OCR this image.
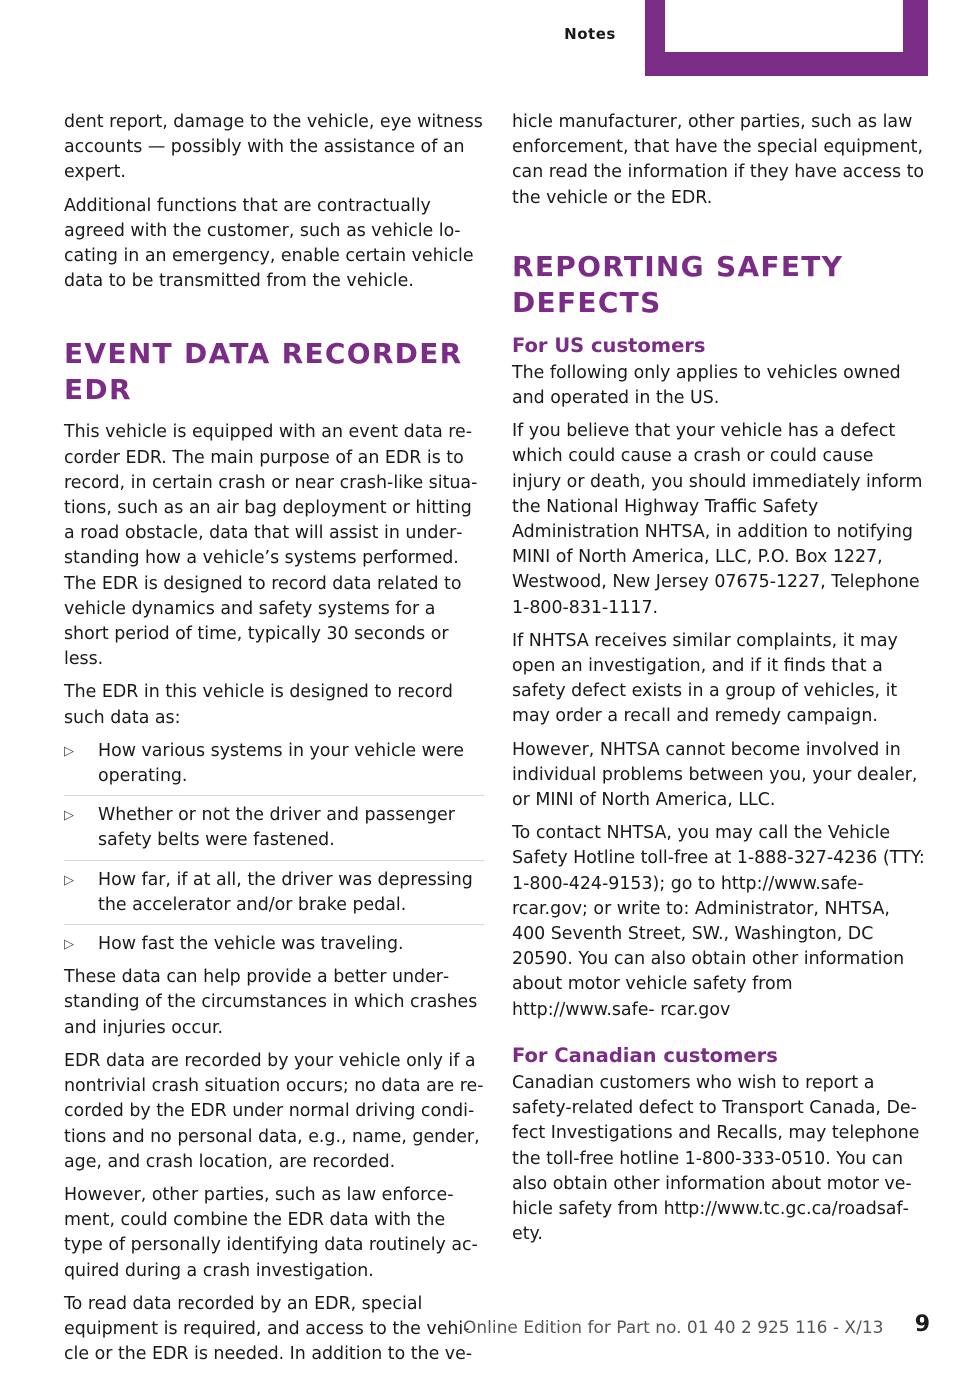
Notes

dent report, damage to the vehicle, eye witness accounts — possibly with the assistance of an expert.

Additional functions that are contractually agreed with the customer, such as vehicle lo‐ cating in an emergency, enable certain vehicle data to be transmitted from the vehicle.

EVENT DATA RECORDER EDR

This vehicle is equipped with an event data re‐ corder EDR. The main purpose of an EDR is to record, in certain crash or near crash-like situa‐ tions, such as an air bag deployment or hitting a road obstacle, data that will assist in under‐ standing how a vehicle’s systems performed. The EDR is designed to record data related to vehicle dynamics and safety systems for a short period of time, typically 30 seconds or less.

The EDR in this vehicle is designed to record such data as:

▷ How various systems in your vehicle were operating.
▷ Whether or not the driver and passenger safety belts were fastened.
▷ How far, if at all, the driver was depressing the accelerator and/or brake pedal.
▷ How fast the vehicle was traveling.

These data can help provide a better under‐ standing of the circumstances in which crashes and injuries occur.

EDR data are recorded by your vehicle only if a nontrivial crash situation occurs; no data are re‐ corded by the EDR under normal driving condi‐ tions and no personal data, e.g., name, gender, age, and crash location, are recorded.

However, other parties, such as law enforce‐ ment, could combine the EDR data with the type of personally identifying data routinely ac‐ quired during a crash investigation.

To read data recorded by an EDR, special equipment is required, and access to the vehi‐ cle or the EDR is needed. In addition to the ve‐

hicle manufacturer, other parties, such as law enforcement, that have the special equipment, can read the information if they have access to the vehicle or the EDR.

REPORTING SAFETY DEFECTS
For US customers

The following only applies to vehicles owned and operated in the US.

If you believe that your vehicle has a defect which could cause a crash or could cause injury or death, you should immediately inform the National Highway Traffic Safety Administration NHTSA, in addition to notifying MINI of North America, LLC, P.O. Box 1227, Westwood, New Jersey 07675-1227, Telephone 1-800-831-1117.

If NHTSA receives similar complaints, it may open an investigation, and if it finds that a safety defect exists in a group of vehicles, it may order a recall and remedy campaign.

However, NHTSA cannot become involved in individual problems between you, your dealer, or MINI of North America, LLC.

To contact NHTSA, you may call the Vehicle Safety Hotline toll-free at 1-888-327-4236 (TTY: 1-800-424-9153); go to http://www.safe‐ rcar.gov; or write to: Administrator, NHTSA, 400 Seventh Street, SW., Washington, DC 20590. You can also obtain other information about motor vehicle safety from http://www.safe‐ rcar.gov

For Canadian customers

Canadian customers who wish to report a safety-related defect to Transport Canada, De‐ fect Investigations and Recalls, may telephone the toll-free hotline 1-800-333-0510. You can also obtain other information about motor ve‐ hicle safety from http://www.tc.gc.ca/roadsaf‐ ety.

Online Edition for Part no. 01 40 2 925 116 - X/13	9
